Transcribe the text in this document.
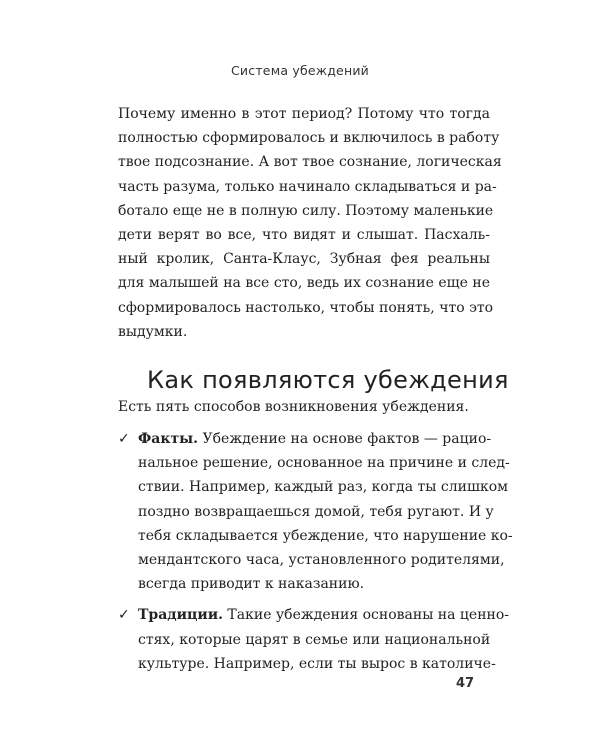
Система убеждений
Почему именно в этот период? Потому что тогда
полностью сформировалось и включилось в работу
твое подсознание. А вот твое сознание, логическая
часть разума, только начинало складываться и ра-
ботало еще не в полную силу. Поэтому маленькие
дети верят во все, что видят и слышат. Пасхаль-
ный кролик, Санта-Клаус, Зубная фея реальны
для малышей на все сто, ведь их сознание еще не
сформировалось настолько, чтобы понять, что это
выдумки.
Как появляются убеждения
Есть пять способов возникновения убеждения.
✓ Факты. Убеждение на основе фактов — рацио-
нальное решение, основанное на причине и след-
ствии. Например, каждый раз, когда ты слишком
поздно возвращаешься домой, тебя ругают. И у
тебя складывается убеждение, что нарушение ко-
мендантского часа, установленного родителями,
всегда приводит к наказанию.
✓ Традиции. Такие убеждения основаны на ценно-
стях, которые царят в семье или национальной
культуре. Например, если ты вырос в католиче-
47
